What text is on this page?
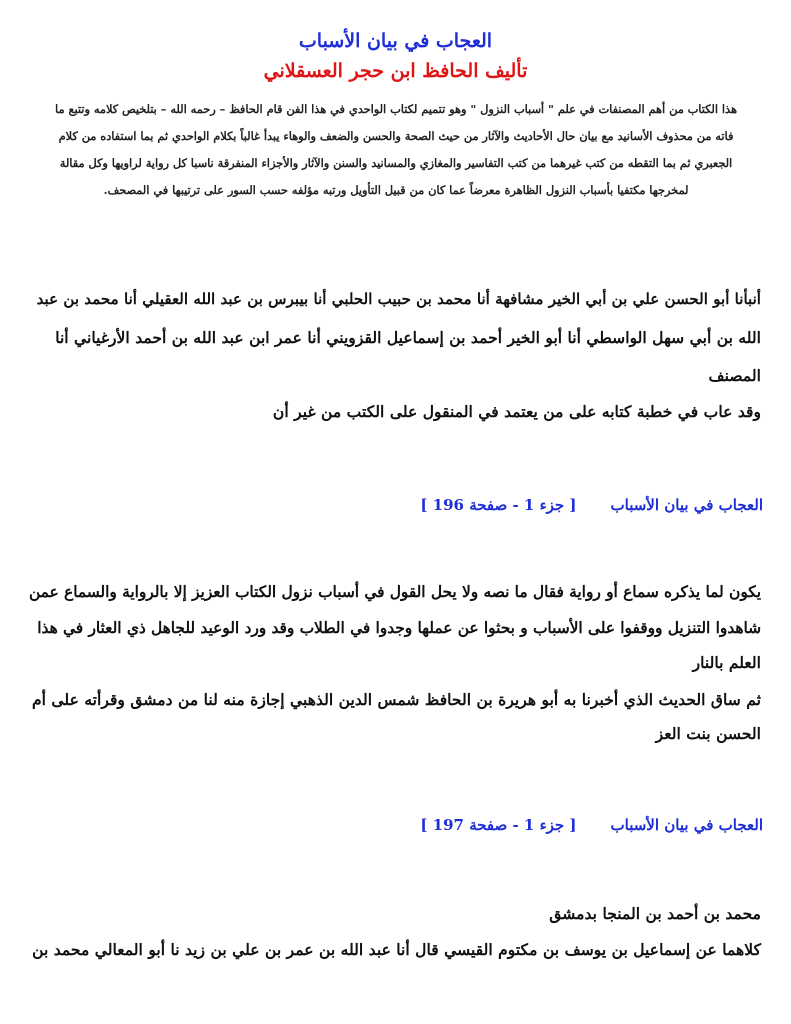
العجاب في بيان الأسباب
تأليف الحافظ ابن حجر العسقلاني

هذا الكتاب من أهم المصنفات في علم " أسباب النزول " وهو تتميم لكتاب الواحدي في هذا الفن قام الحافظ – رحمه الله – بتلخيص كلامه وتتبع ما
فاته من محذوف الأسانيد مع بيان حال الأحاديث والآثار من حيث الصحة والحسن والضعف والوهاء يبدأ غالباً بكلام الواحدي ثم بما استفاده من كلام
الجعبري ثم بما التقطه من كتب غيرهما من كتب التفاسير والمغازي والمسانيد والسنن والآثار والأجزاء المنفرقة ناسبا كل رواية لراويها وكل مقالة
لمخرجها مكتفيا بأسباب النزول الظاهرة معرضاً عما كان من قبيل التأويل ورتبه مؤلفه حسب السور على ترتيبها في المصحف.

أنبأنا أبو الحسن علي بن أبي الخير مشافهة أنا محمد بن حبيب الحلبي أنا بيبرس بن عبد الله العقيلي أنا محمد بن عبد

الله بن أبي سهل الواسطي أنا أبو الخير أحمد بن إسماعيل القزويني أنا عمر ابن عبد الله بن أحمد الأرغياني أنا

المصنف

وقد عاب في خطبة كتابه على من يعتمد في المنقول على الكتب من غير أن

العجاب في بيان الأسباب[ جزء 1 - صفحة 196 ]

يكون لما يذكره سماع أو رواية فقال ما نصه ولا يحل القول في أسباب نزول الكتاب العزيز إلا بالرواية والسماع عمن

شاهدوا التنزيل ووقفوا على الأسباب و بحثوا عن عملها وجدوا في الطلاب وقد ورد الوعيد للجاهل ذي العثار في هذا

العلم بالنار

ثم ساق الحديث الذي أخبرنا به أبو هريرة بن الحافظ شمس الدين الذهبي إجازة منه لنا من دمشق وقرأته على أم

الحسن بنت العز

العجاب في بيان الأسباب[ جزء 1 - صفحة 197 ]

محمد بن أحمد بن المنجا بدمشق

كلاهما عن إسماعيل بن يوسف بن مكتوم القيسي قال أنا عبد الله بن عمر بن علي بن زيد نا أبو المعالي محمد بن
